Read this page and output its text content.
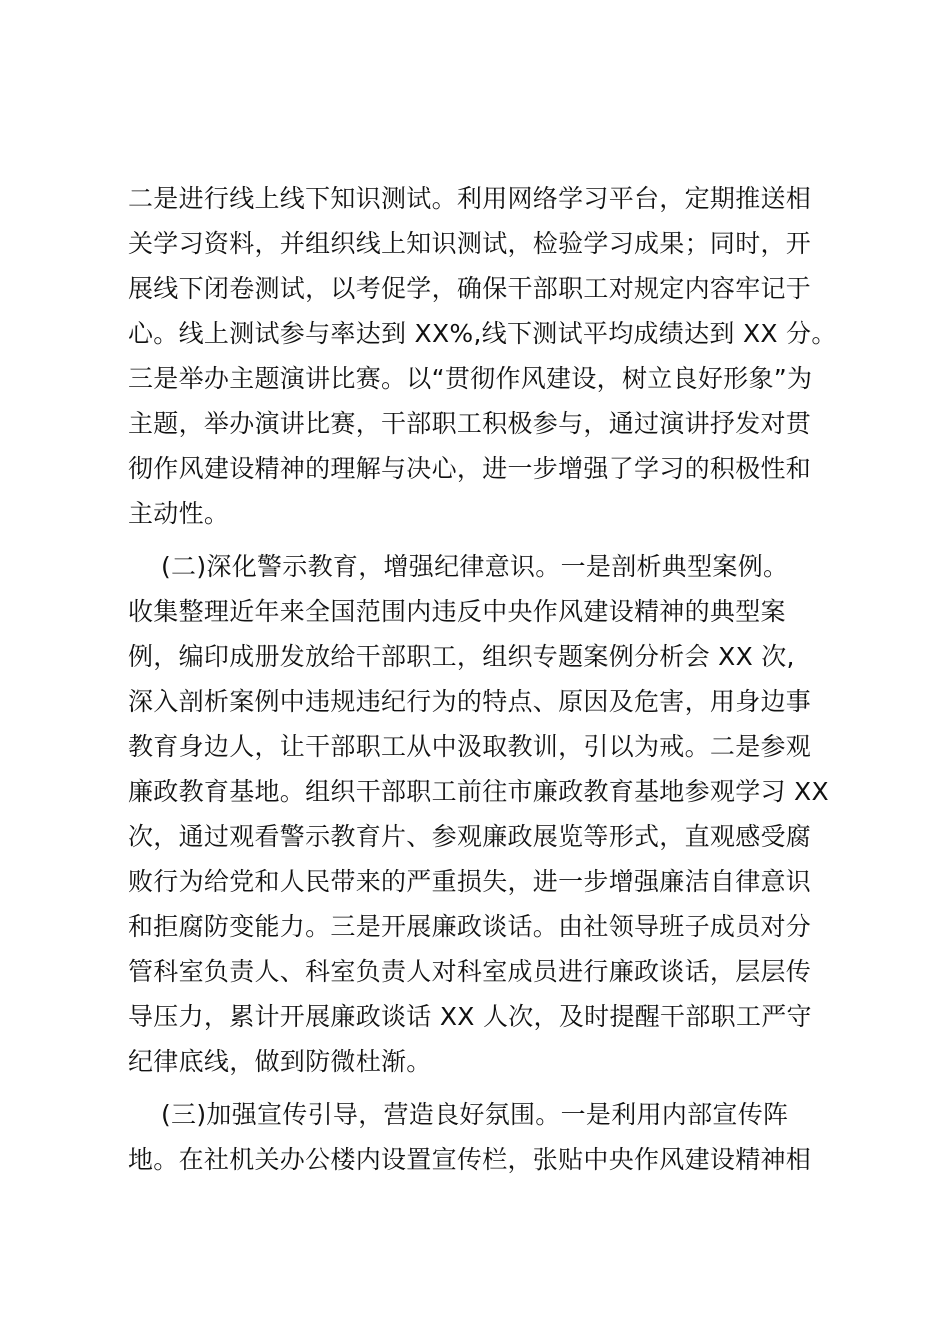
二是进行线上线下知识测试。利用网络学习平台，定期推送相
关学习资料，并组织线上知识测试，检验学习成果；同时，开
展线下闭卷测试，以考促学，确保干部职工对规定内容牢记于
心。线上测试参与率达到 XX%,线下测试平均成绩达到 XX 分。
三是举办主题演讲比赛。以“贯彻作风建设，树立良好形象”为
主题，举办演讲比赛，干部职工积极参与，通过演讲抒发对贯
彻作风建设精神的理解与决心，进一步增强了学习的积极性和
主动性。
(二)深化警示教育，增强纪律意识。一是剖析典型案例。
收集整理近年来全国范围内违反中央作风建设精神的典型案
例，编印成册发放给干部职工，组织专题案例分析会 XX 次,
深入剖析案例中违规违纪行为的特点、原因及危害，用身边事
教育身边人，让干部职工从中汲取教训，引以为戒。二是参观
廉政教育基地。组织干部职工前往市廉政教育基地参观学习 XX
次，通过观看警示教育片、参观廉政展览等形式，直观感受腐
败行为给党和人民带来的严重损失，进一步增强廉洁自律意识
和拒腐防变能力。三是开展廉政谈话。由社领导班子成员对分
管科室负责人、科室负责人对科室成员进行廉政谈话，层层传
导压力，累计开展廉政谈话 XX 人次，及时提醒干部职工严守
纪律底线，做到防微杜渐。
(三)加强宣传引导，营造良好氛围。一是利用内部宣传阵
地。在社机关办公楼内设置宣传栏，张贴中央作风建设精神相
